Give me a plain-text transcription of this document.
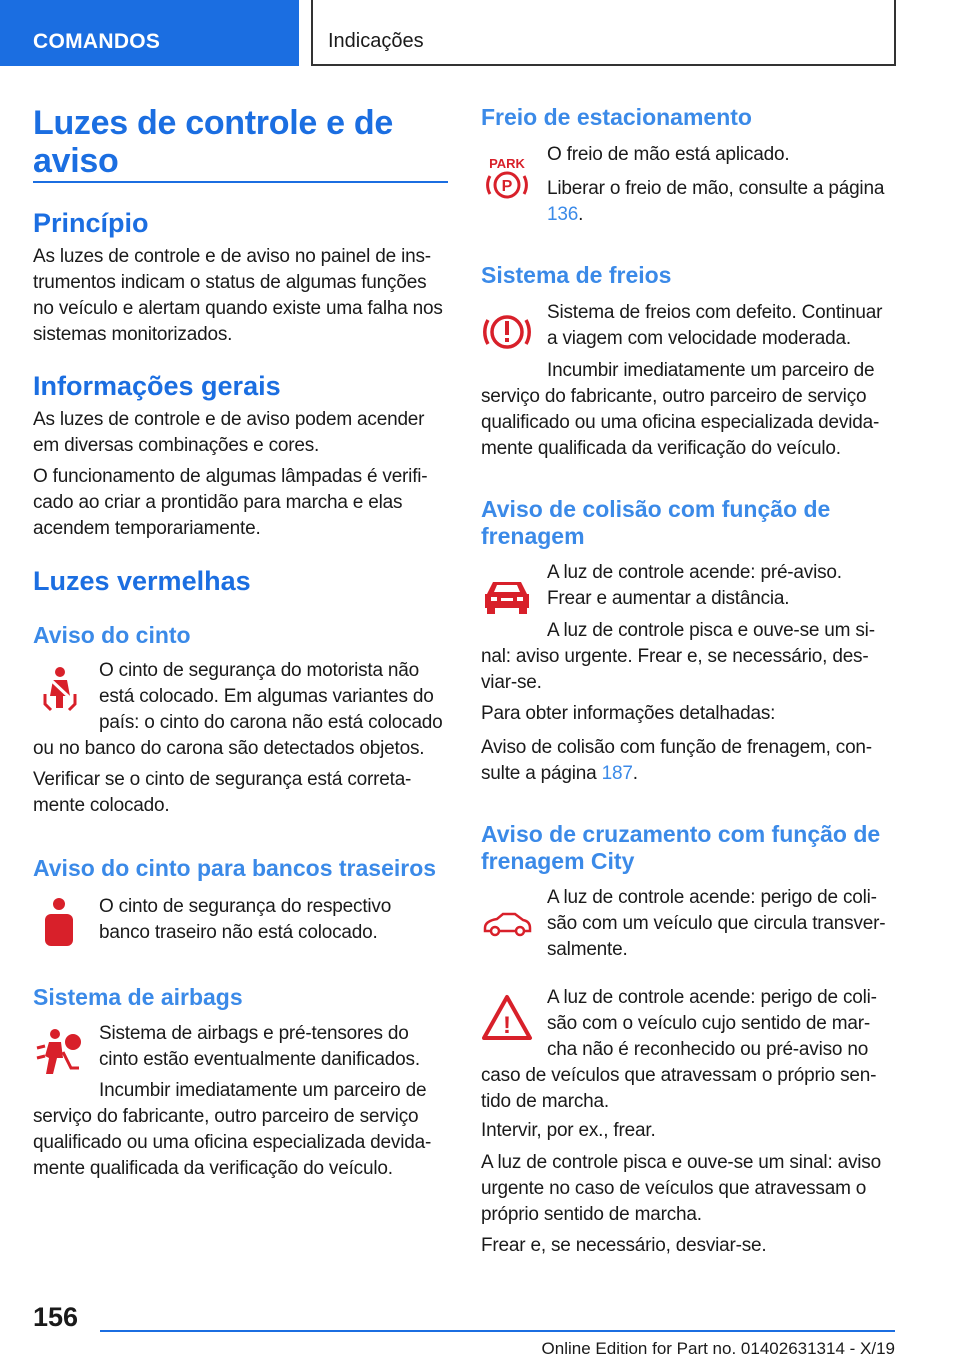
COMANDOS	Indicações
Luzes de controle e de
aviso
Princípio
As luzes de controle e de aviso no painel de ins-
trumentos indicam o status de algumas funções
no veículo e alertam quando existe uma falha nos
sistemas monitorizados.
Informações gerais
As luzes de controle e de aviso podem acender
em diversas combinações e cores.
O funcionamento de algumas lâmpadas é verifi-
cado ao criar a prontidão para marcha e elas
acendem temporariamente.
Luzes vermelhas
Aviso do cinto
O cinto de segurança do motorista não
está colocado. Em algumas variantes do
país: o cinto do carona não está colocado
ou no banco do carona são detectados objetos.
Verificar se o cinto de segurança está correta-
mente colocado.
Aviso do cinto para bancos traseiros
O cinto de segurança do respectivo
banco traseiro não está colocado.
Sistema de airbags
Sistema de airbags e pré-tensores do
cinto estão eventualmente danificados.
Incumbir imediatamente um parceiro de
serviço do fabricante, outro parceiro de serviço
qualificado ou uma oficina especializada devida-
mente qualificada da verificação do veículo.
Freio de estacionamento
PARK
P
O freio de mão está aplicado.
Liberar o freio de mão, consulte a página
136.
Sistema de freios
Sistema de freios com defeito. Continuar
a viagem com velocidade moderada.
Incumbir imediatamente um parceiro de
serviço do fabricante, outro parceiro de serviço
qualificado ou uma oficina especializada devida-
mente qualificada da verificação do veículo.
Aviso de colisão com função de
frenagem
A luz de controle acende: pré-aviso.
Frear e aumentar a distância.
A luz de controle pisca e ouve-se um si-
nal: aviso urgente. Frear e, se necessário, des-
viar-se.
Para obter informações detalhadas:
Aviso de colisão com função de frenagem, con-
sulte a página 187.
Aviso de cruzamento com função de
frenagem City
A luz de controle acende: perigo de coli-
são com um veículo que circula transver-
salmente.
!
A luz de controle acende: perigo de coli-
são com o veículo cujo sentido de mar-
cha não é reconhecido ou pré-aviso no
caso de veículos que atravessam o próprio sen-
tido de marcha.
Intervir, por ex., frear.
A luz de controle pisca e ouve-se um sinal: aviso
urgente no caso de veículos que atravessam o
próprio sentido de marcha.
Frear e, se necessário, desviar-se.
156
Online Edition for Part no. 01402631314 - X/19
